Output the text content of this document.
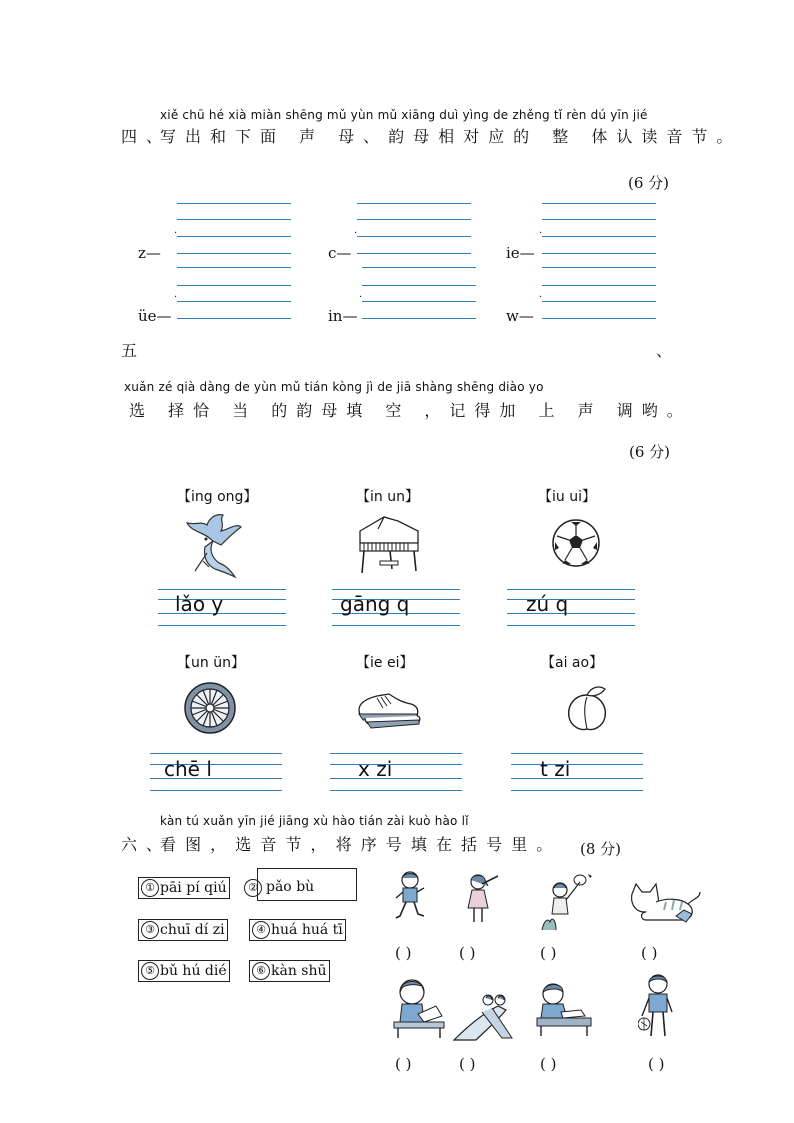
xiě chū hé xià miàn shēng mǔ yùn mǔ xiāng duì yìng de zhěng tǐ rèn dú yīn jié
四、
写出和下面 声 母、韵母相对应的 整 体认读音节。
(6 分)
.
.
z—
üe—
.
.
c—
in—
.
.
ie—
w—
五	、
xuǎn zé qià dàng de yùn mǔ tián kòng jì de jiā shàng shēng diào yo
选 择恰 当 的韵母填 空 ，记得加 上 声 调哟。
(6 分)
【ing ong】	【in un】	【iu ui】
【un ün】	【ie ei】	【ai ao】
lǎo y	gāng q	zú q
chē l	x zi	t zi
kàn tú xuǎn yīn jié jiāng xù hào tián zài kuò hào lǐ
六、
看 图 ， 选 音 节 ， 将 序 号 填 在 括 号 里 。 (8 分)
① pāi pí qiú	② pǎo bù
③ chuī dí zi	④ huá huá tī
⑤ bǔ hú dié	⑥ kàn shū
( )	( )	( )	( )
( )	( )	( )	( )
